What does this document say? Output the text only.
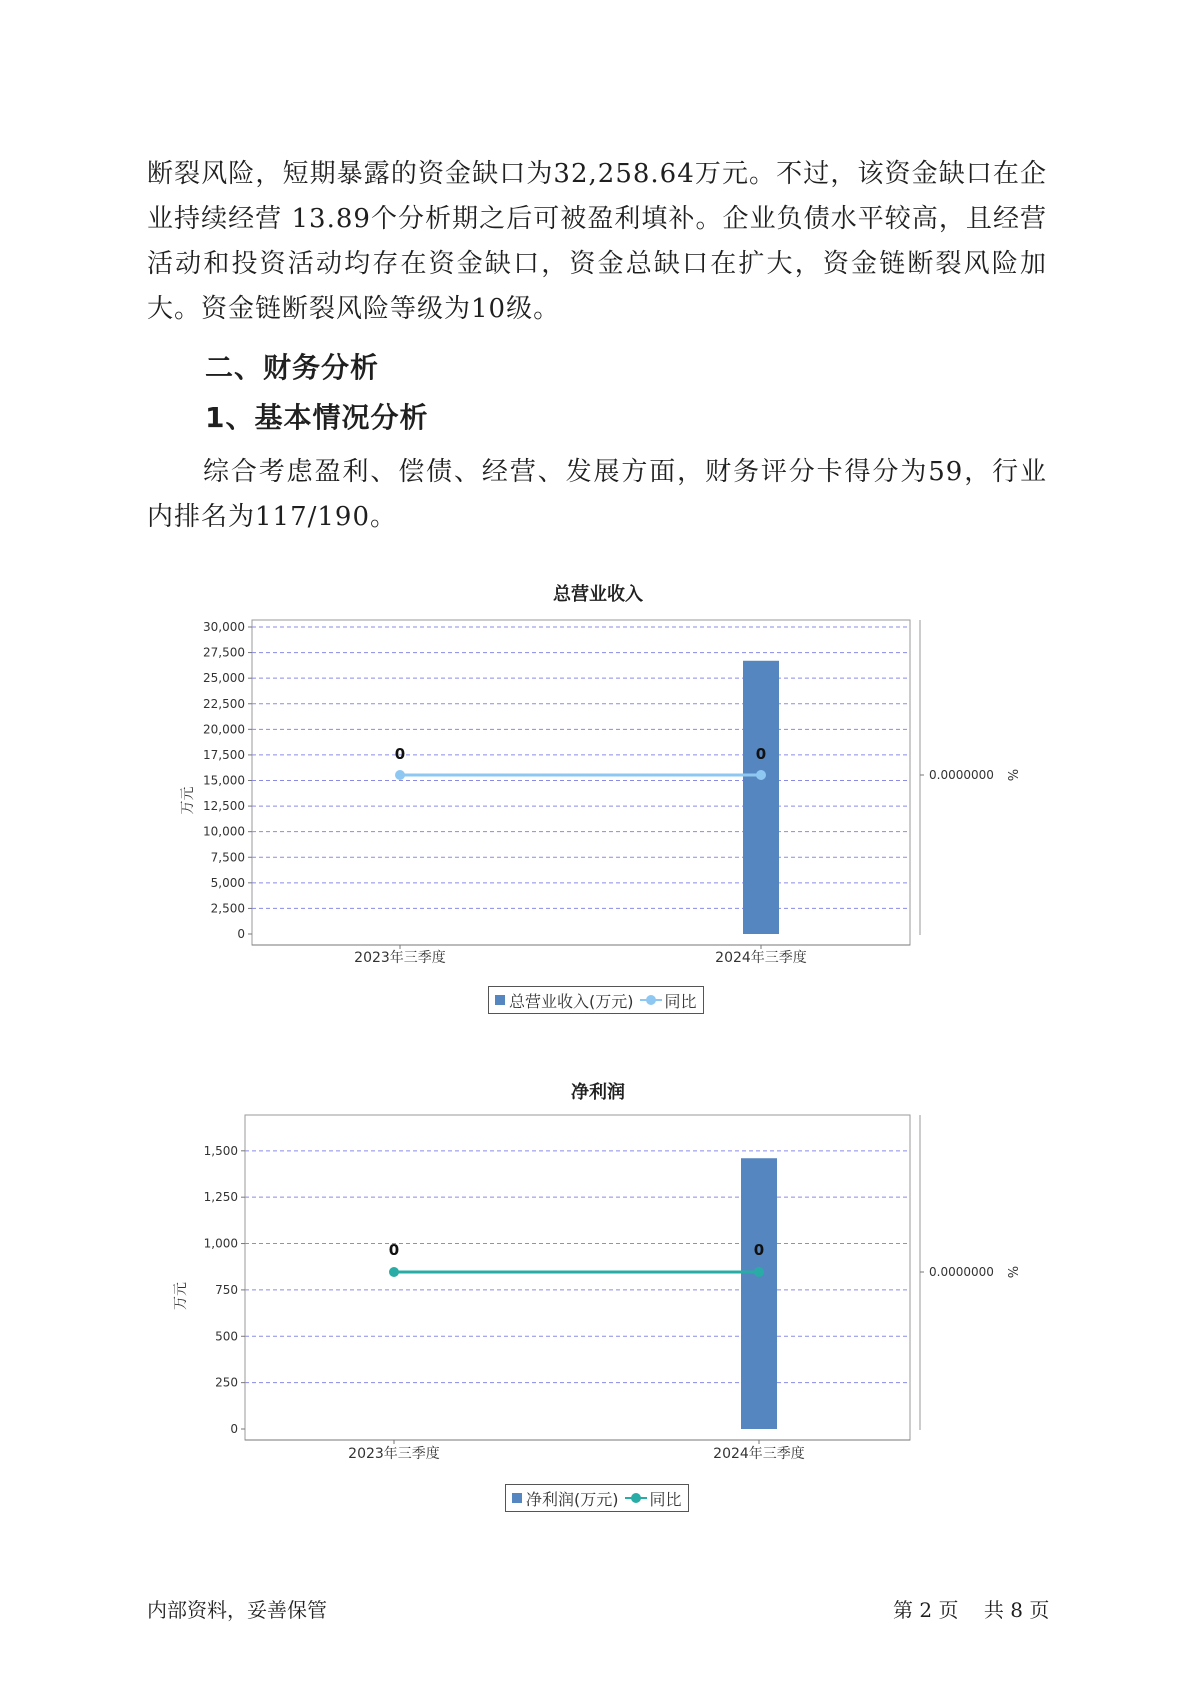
断裂风险，短期暴露的资金缺口为32,258.64万元。不过，该资金缺口在企业持续经营 13.89个分析期之后可被盈利填补。企业负债水平较高，且经营活动和投资活动均存在资金缺口，资金总缺口在扩大，资金链断裂风险加大。资金链断裂风险等级为10级。

二、财务分析
1、基本情况分析

综合考虑盈利、偿债、经营、发展方面，财务评分卡得分为59，行业内排名为117/190。

总营业收入

0
2,500
5,000
7,500
10,000
12,500
15,000
17,500
20,000
22,500
25,000
27,500
30,000
0.0000000 %
万元
2023年三季度	2024年三季度
0	0
总营业收入(万元) 同比

净利润

0
250
500
750
1,000
1,250
1,500
0.0000000 %
万元
2023年三季度	2024年三季度
0	0
净利润(万元) 同比

内部资料，妥善保管	第 2 页 共 8 页
